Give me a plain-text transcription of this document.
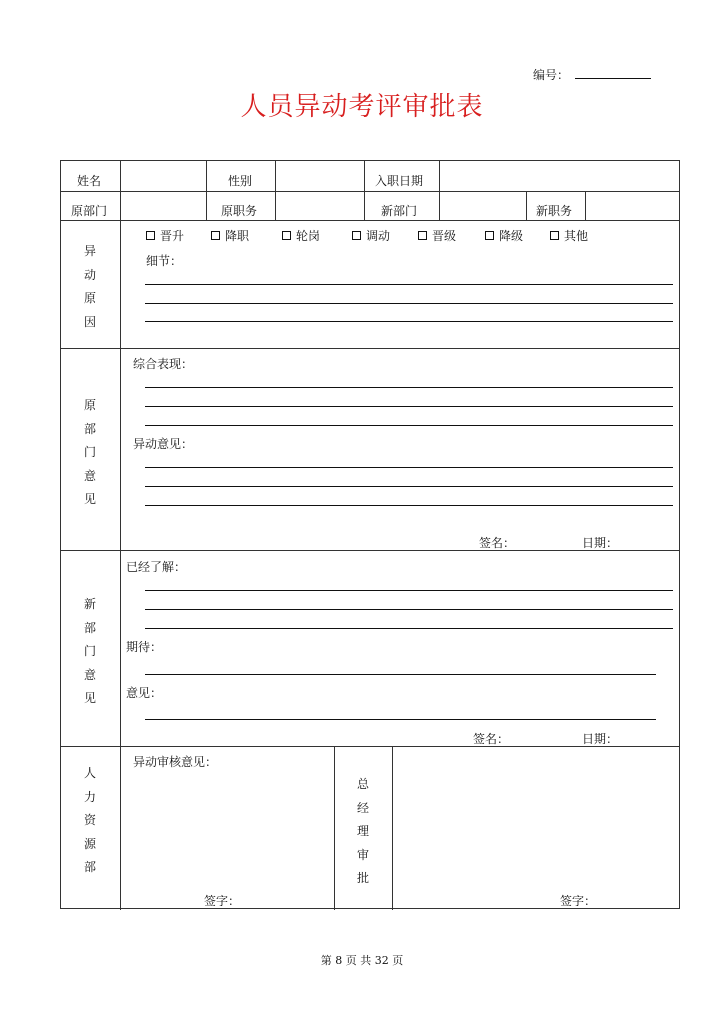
编号：
人员异动考评审批表
姓名	性别	入职日期
原部门	原职务	新部门	新职务
异
动
原
因
晋升	降职	轮岗	调动	晋级	降级	其他
细节：
原
部
门
意
见
综合表现：
异动意见：
签名：	日期：
新
部
门
意
见
已经了解：
期待：
意见：
签名：	日期：
人
力
资
源
部
异动审核意见：
签字：
总
经
理
审
批
签字：
第 8 页 共 32 页
